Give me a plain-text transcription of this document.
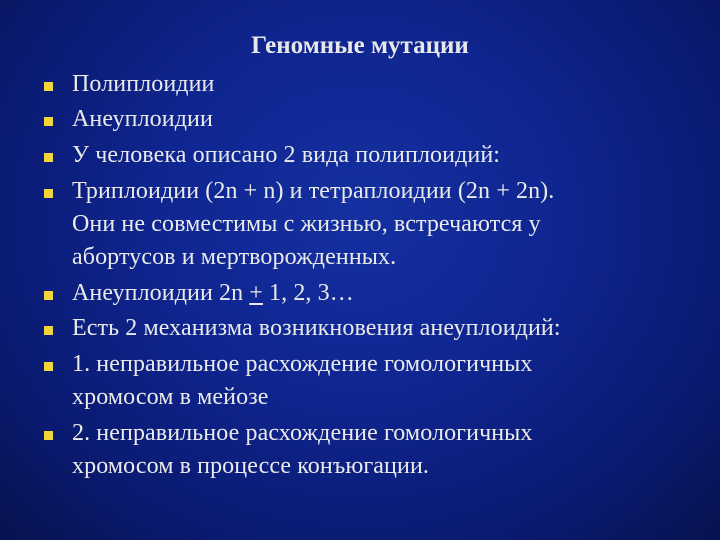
Геномные мутации
Полиплоидии
Анеуплоидии
У человека описано 2 вида полиплоидий:
Триплоидии (2n + n) и тетраплоидии (2n + 2n).
Они не совместимы с жизнью, встречаются у
абортусов и мертворожденных.
Анеуплоидии 2n + 1, 2, 3…
Есть 2 механизма возникновения анеуплоидий:
1. неправильное расхождение гомологичных
хромосом в мейозе
2. неправильное расхождение гомологичных
хромосом в процессе конъюгации.
